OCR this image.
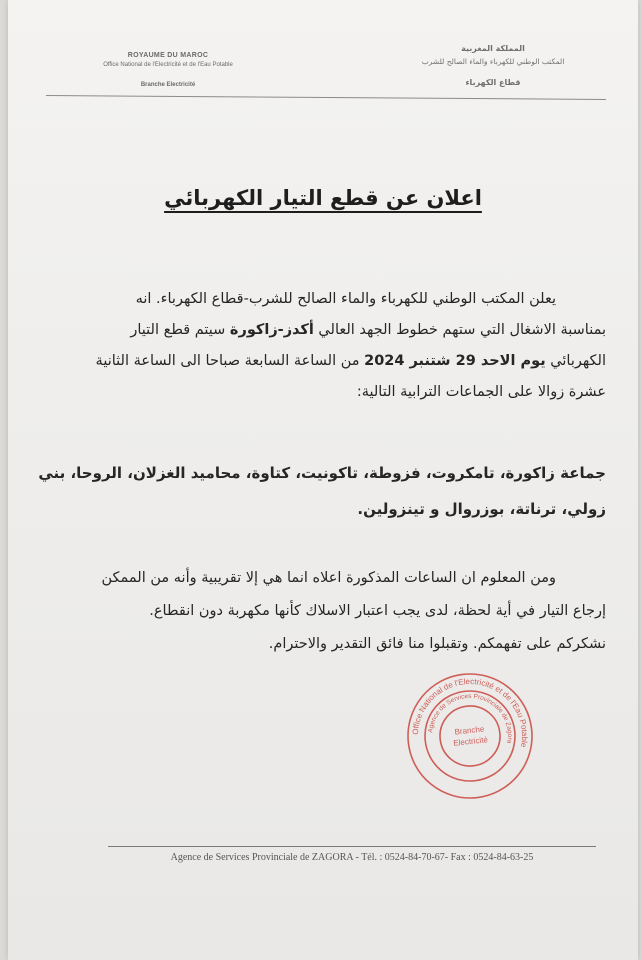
ROYAUME DU MAROC
Office National de l'Electricité et de l'Eau Potable
Branche Electricité
المملكة المغربية
المكتب الوطني للكهرباء والماء الصالح للشرب
قطاع الكهرباء
اعلان عن قطع التيار الكهربائي
يعلن المكتب الوطني للكهرباء والماء الصالح للشرب-قطاع الكهرباء. انه
بمناسبة الاشغال التي ستهم خطوط الجهد العالي أكدز-زاكورة سيتم قطع التيار
الكهربائي يوم الاحد 29 شتنبر 2024 من الساعة السابعة صباحا الى الساعة الثانية
عشرة زوالا على الجماعات الترابية التالية:
جماعة زاكورة، تامكروت، فزوطة، تاكونيت، كتاوة، محاميد الغزلان، الروحا، بني
زولي، ترناتة، بوزروال و تينزولين.
ومن المعلوم ان الساعات المذكورة اعلاه انما هي إلا تقريبية وأنه من الممكن
إرجاع التيار في أية لحظة، لدى يجب اعتبار الاسلاك كأنها مكهربة دون انقطاع.
نشكركم على تفهمكم. وتقبلوا منا فائق التقدير والاحترام.
Office National de l'Electricité et de l'Eau Potable
Agence de Services Provinciale de Zagora
Branche
Electricité
Agence de Services Provinciale de ZAGORA - Tél. : 0524-84-70-67- Fax : 0524-84-63-25
